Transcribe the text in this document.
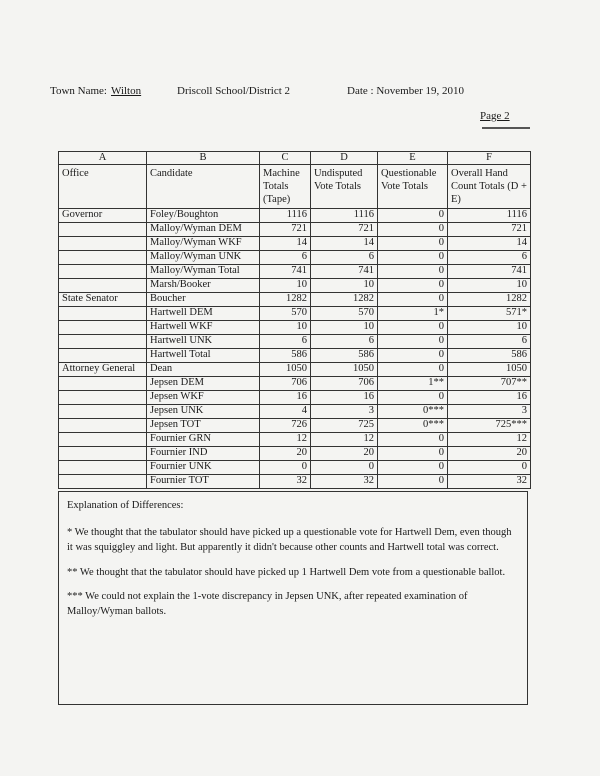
Town Name: Wilton	Driscoll School/District 2	Date : November 19, 2010
Page 2
A	B	C	D	E	F
Office	Candidate	Machine Totals (Tape)	Undisputed Vote Totals	Questionable Vote Totals	Overall Hand Count Totals (D + E)
Governor	Foley/Boughton	1116	1116	0	1116
	Malloy/Wyman DEM	721	721	0	721
	Malloy/Wyman WKF	14	14	0	14
	Malloy/Wyman UNK	6	6	0	6
	Malloy/Wyman Total	741	741	0	741
	Marsh/Booker	10	10	0	10
State Senator	Boucher	1282	1282	0	1282
	Hartwell DEM	570	570	1*	571*
	Hartwell WKF	10	10	0	10
	Hartwell UNK	6	6	0	6
	Hartwell Total	586	586	0	586
Attorney General	Dean	1050	1050	0	1050
	Jepsen DEM	706	706	1**	707**
	Jepsen WKF	16	16	0	16
	Jepsen UNK	4	3	0***	3
	Jepsen TOT	726	725	0***	725***
	Fournier GRN	12	12	0	12
	Fournier IND	20	20	0	20
	Fournier UNK	0	0	0	0
	Fournier TOT	32	32	0	32

Explanation of Differences:

* We thought that the tabulator should have picked up a questionable vote for Hartwell Dem, even though it was squiggley and light. But apparently it didn't because other counts and Hartwell total was correct.

** We thought that the tabulator should have picked up 1 Hartwell Dem vote from a questionable ballot.

*** We could not explain the 1-vote discrepancy in Jepsen UNK, after repeated examination of Malloy/Wyman ballots.
